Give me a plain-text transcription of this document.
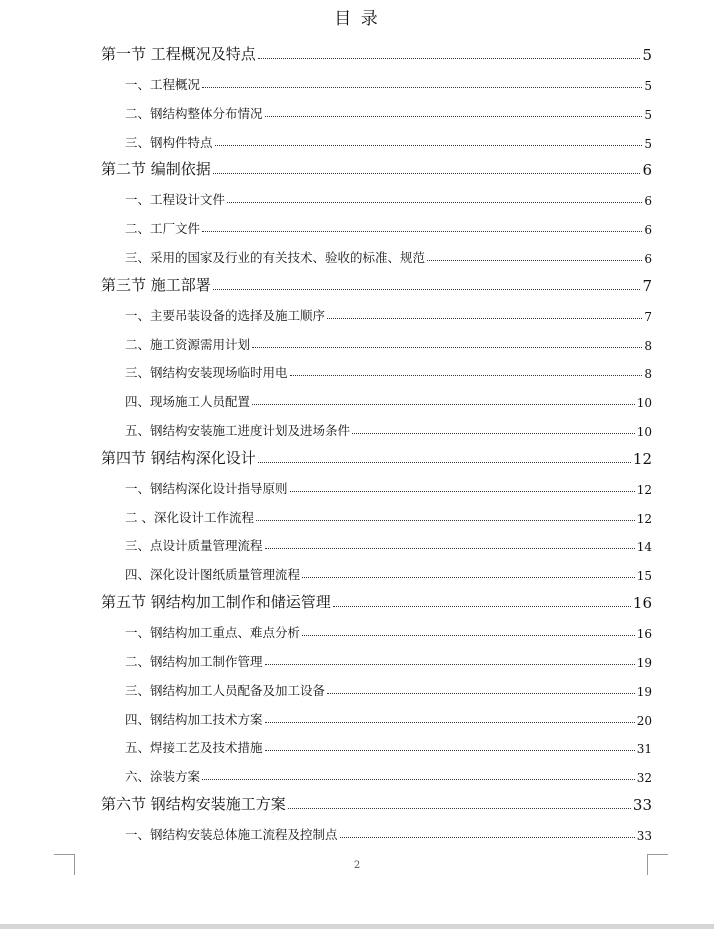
目 录
第一节 工程概况及特点	5
一、工程概况	5
二、钢结构整体分布情况	5
三、钢构件特点	5
第二节 编制依据	6
一、工程设计文件	6
二、工厂文件	6
三、采用的国家及行业的有关技术、验收的标准、规范	6
第三节 施工部署	7
一、主要吊装设备的选择及施工顺序	7
二、施工资源需用计划	8
三、钢结构安装现场临时用电	8
四、现场施工人员配置	10
五、钢结构安装施工进度计划及进场条件	10
第四节 钢结构深化设计	12
一、钢结构深化设计指导原则	12
二 、深化设计工作流程	12
三、点设计质量管理流程	14
四、深化设计图纸质量管理流程	15
第五节 钢结构加工制作和储运管理	16
一、钢结构加工重点、难点分析	16
二、钢结构加工制作管理	19
三、钢结构加工人员配备及加工设备	19
四、钢结构加工技术方案	20
五、焊接工艺及技术措施	31
六、涂装方案	32
第六节 钢结构安装施工方案	33
一、钢结构安装总体施工流程及控制点	33
2
